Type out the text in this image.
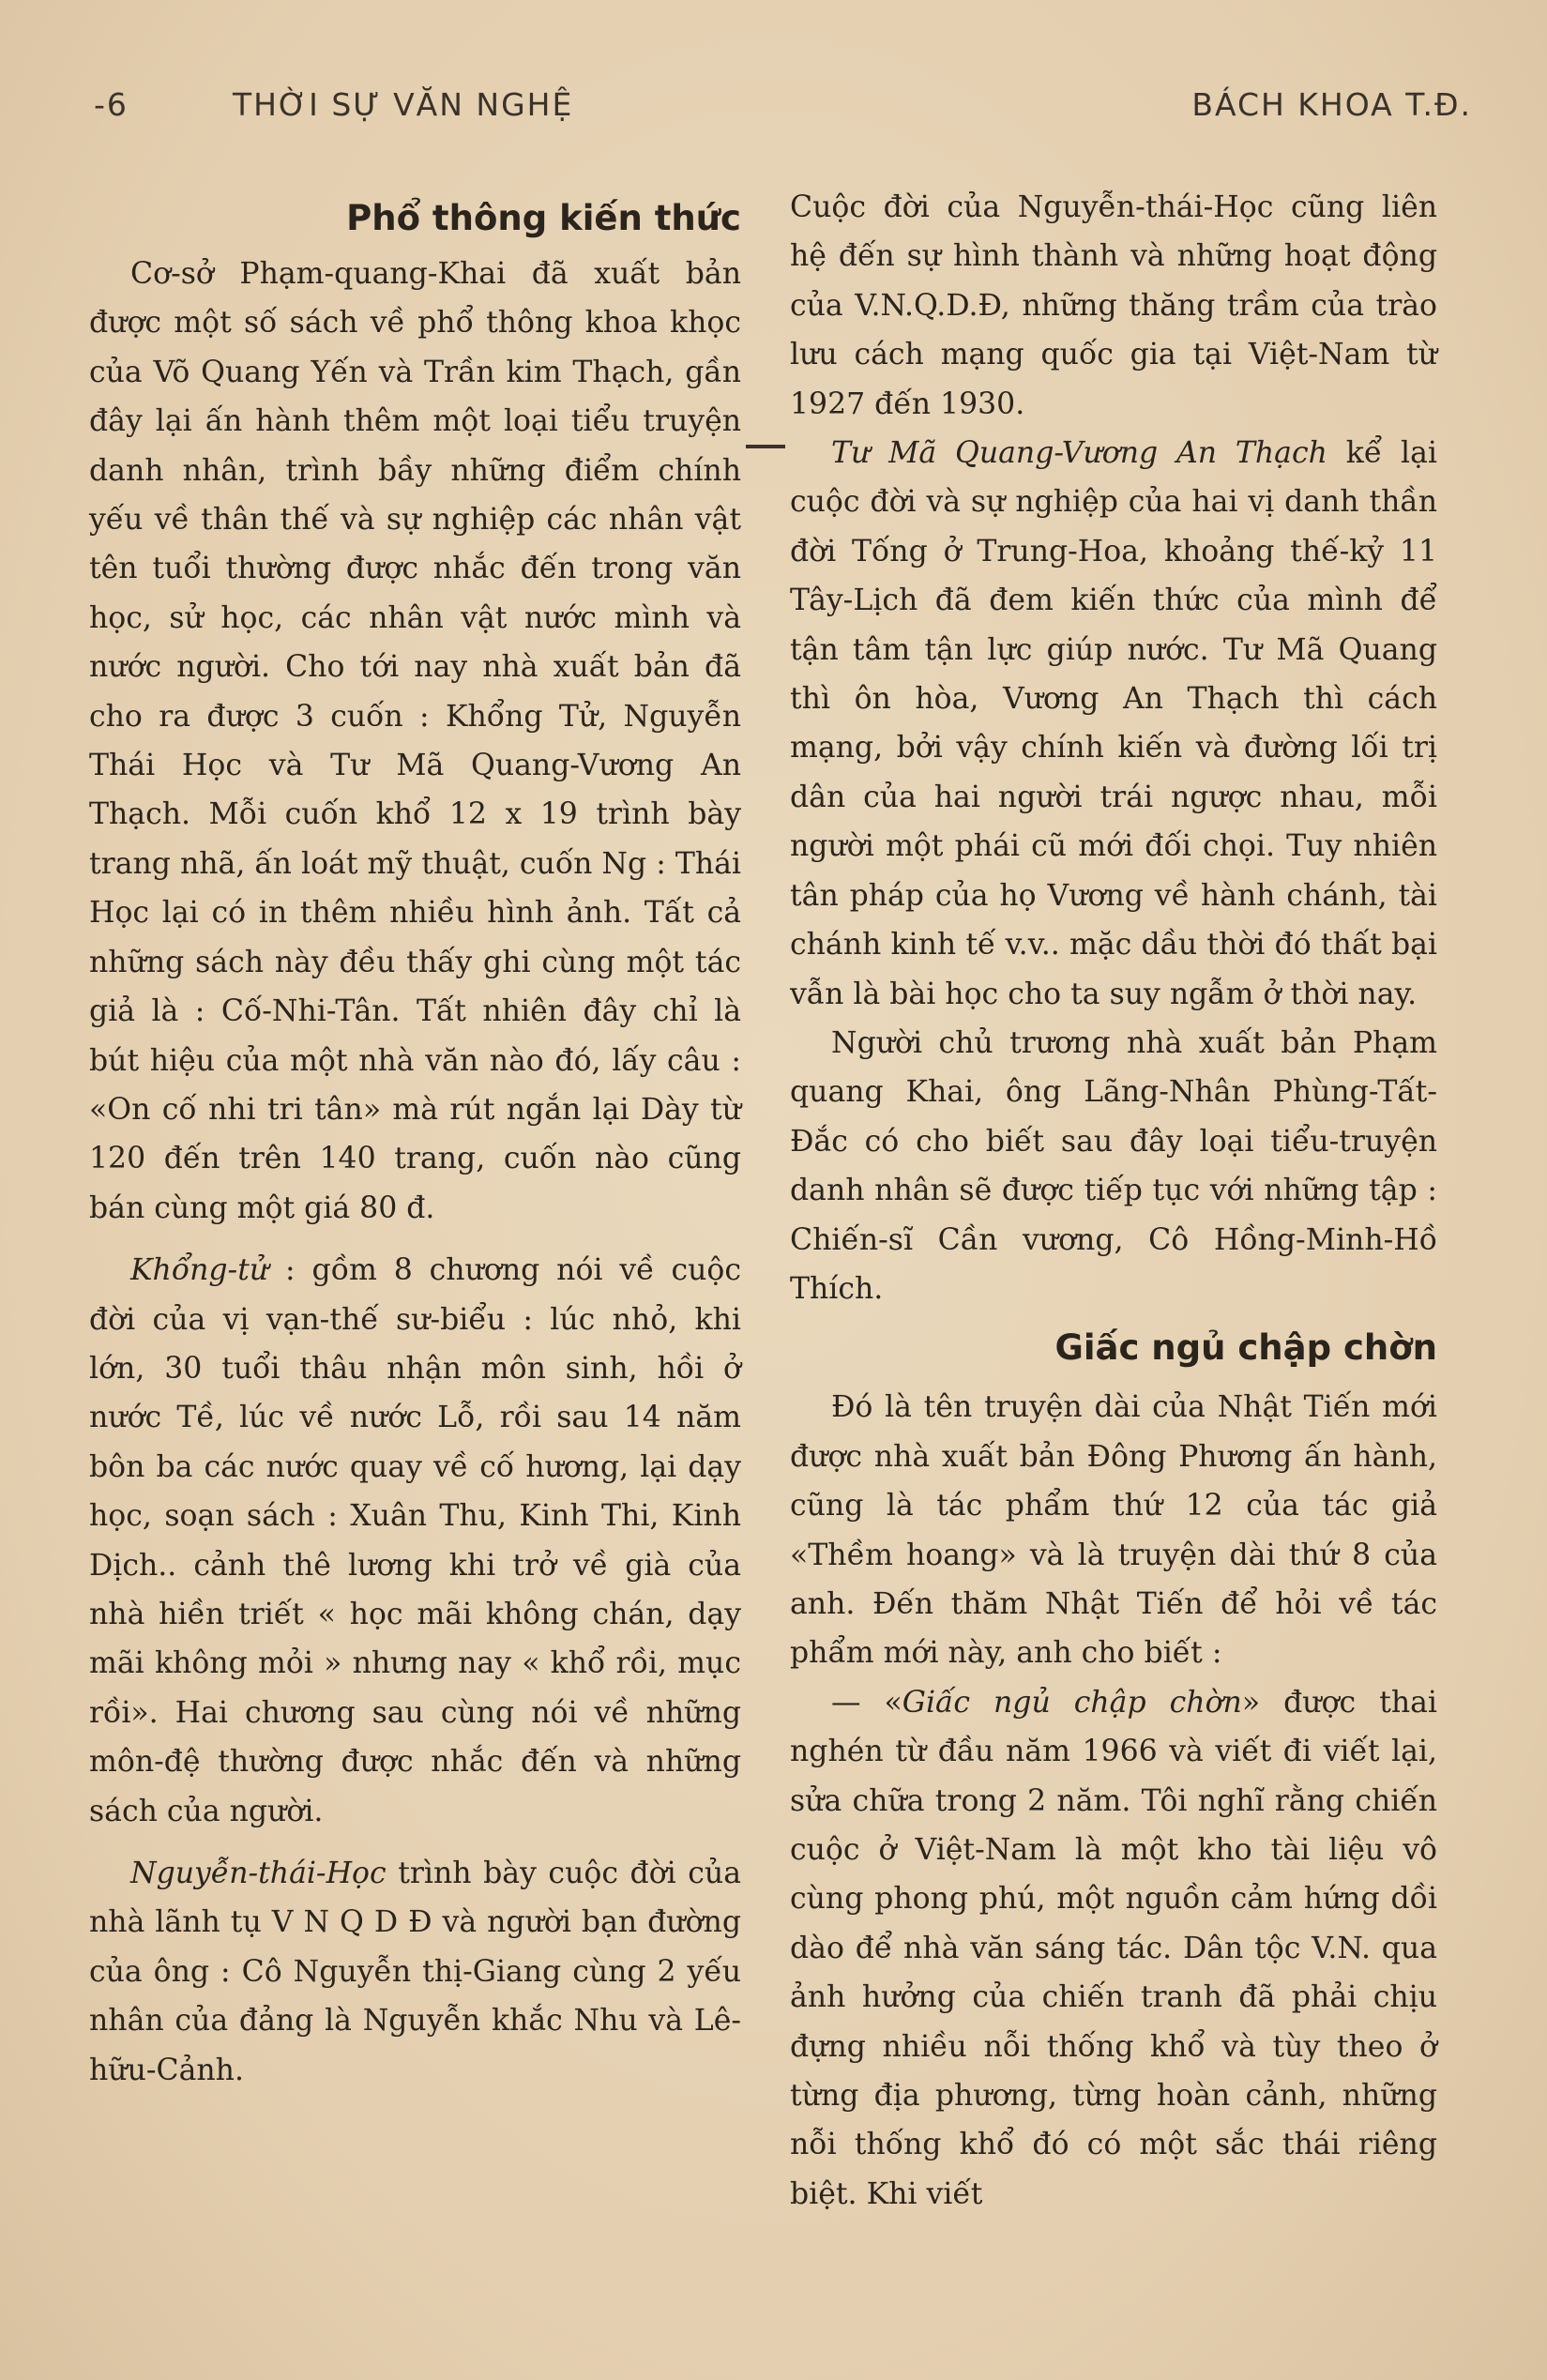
-6	THỜI SỰ VĂN NGHỆ	BÁCH KHOA T.Đ.
Phổ thông kiến thức

Cơ-sở Phạm-quang-Khai đã xuất bản được một số sách về phổ thông khoa khọc của Võ Quang Yến và Trần kim Thạch, gần đây lại ấn hành thêm một loại tiểu truyện danh nhân, trình bầy những điểm chính yếu về thân thế và sự nghiệp các nhân vật tên tuổi thường được nhắc đến trong văn học, sử học, các nhân vật nước mình và nước người. Cho tới nay nhà xuất bản đã cho ra được 3 cuốn : Khổng Tử, Nguyễn Thái Học và Tư Mã Quang-Vương An Thạch. Mỗi cuốn khổ 12 x 19 trình bày trang nhã, ấn loát mỹ thuật, cuốn Ng : Thái Học lại có in thêm nhiều hình ảnh. Tất cả những sách này đều thấy ghi cùng một tác giả là : Cố-Nhi-Tân. Tất nhiên đây chỉ là bút hiệu của một nhà văn nào đó, lấy câu : «On cố nhi tri tân» mà rút ngắn lại Dày từ 120 đến trên 140 trang, cuốn nào cũng bán cùng một giá 80 đ.

Khổng-tử : gồm 8 chương nói về cuộc đời của vị vạn-thế sư-biểu : lúc nhỏ, khi lớn, 30 tuổi thâu nhận môn sinh, hồi ở nước Tề, lúc về nước Lỗ, rồi sau 14 năm bôn ba các nước quay về cố hương, lại dạy học, soạn sách : Xuân Thu, Kinh Thi, Kinh Dịch.. cảnh thê lương khi trở về già của nhà hiền triết « học mãi không chán, dạy mãi không mỏi » nhưng nay « khổ rồi, mục rồi». Hai chương sau cùng nói về những môn-đệ thường được nhắc đến và những sách của người.

Nguyễn-thái-Học trình bày cuộc đời của nhà lãnh tụ V N Q D Đ và người bạn đường của ông : Cô Nguyễn thị-Giang cùng 2 yếu nhân của đảng là Nguyễn khắc Nhu và Lê-hữu-Cảnh.

Cuộc đời của Nguyễn-thái-Học cũng liên hệ đến sự hình thành và những hoạt động của V.N.Q.D.Đ, những thăng trầm của trào lưu cách mạng quốc gia tại Việt-Nam từ 1927 đến 1930.

Tư Mã Quang-Vương An Thạch kể lại cuộc đời và sự nghiệp của hai vị danh thần đời Tống ở Trung-Hoa, khoảng thế-kỷ 11 Tây-Lịch đã đem kiến thức của mình để tận tâm tận lực giúp nước. Tư Mã Quang thì ôn hòa, Vương An Thạch thì cách mạng, bởi vậy chính kiến và đường lối trị dân của hai người trái ngược nhau, mỗi người một phái cũ mới đối chọi. Tuy nhiên tân pháp của họ Vương về hành chánh, tài chánh kinh tế v.v.. mặc dầu thời đó thất bại vẫn là bài học cho ta suy ngẫm ở thời nay.

Người chủ trương nhà xuất bản Phạm quang Khai, ông Lãng-Nhân Phùng-Tất-Đắc có cho biết sau đây loại tiểu-truyện danh nhân sẽ được tiếp tục với những tập : Chiến-sĩ Cần vương, Cô Hồng-Minh-Hồ Thích.

Giấc ngủ chập chờn

Đó là tên truyện dài của Nhật Tiến mới được nhà xuất bản Đông Phương ấn hành, cũng là tác phẩm thứ 12 của tác giả «Thềm hoang» và là truyện dài thứ 8 của anh. Đến thăm Nhật Tiến để hỏi về tác phẩm mới này, anh cho biết :

— «Giấc ngủ chập chờn» được thai nghén từ đầu năm 1966 và viết đi viết lại, sửa chữa trong 2 năm. Tôi nghĩ rằng chiến cuộc ở Việt-Nam là một kho tài liệu vô cùng phong phú, một nguồn cảm hứng dồi dào để nhà văn sáng tác. Dân tộc V.N. qua ảnh hưởng của chiến tranh đã phải chịu đựng nhiều nỗi thống khổ và tùy theo ở từng địa phương, từng hoàn cảnh, những nỗi thống khổ đó có một sắc thái riêng biệt. Khi viết
